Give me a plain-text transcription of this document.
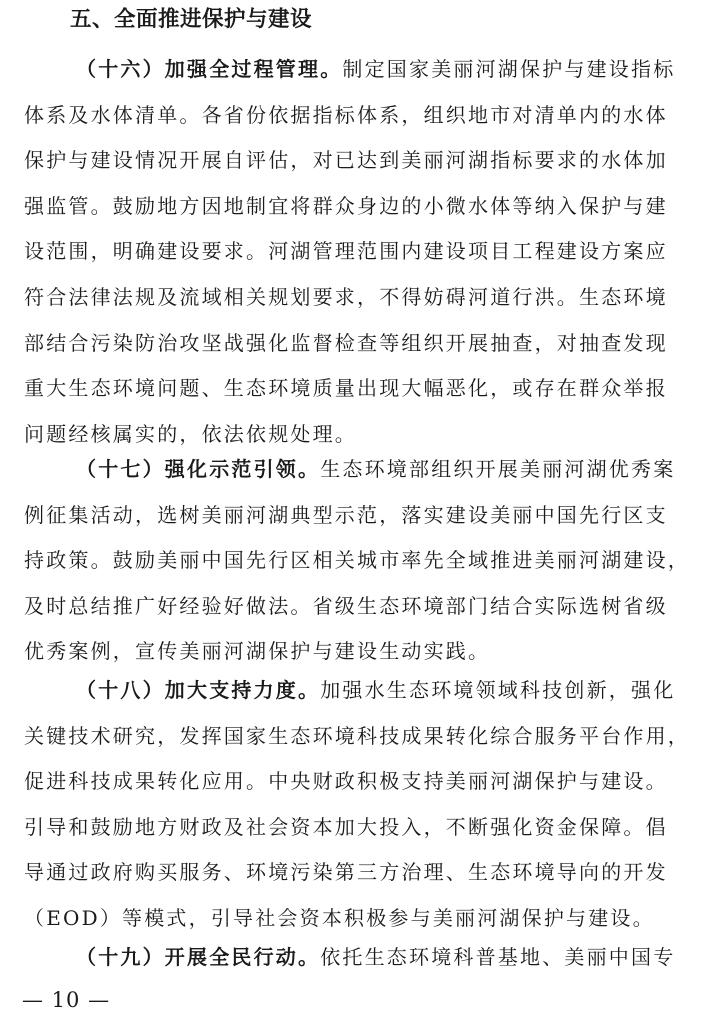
五、全面推进保护与建设
（十六）加强全过程管理。制定国家美丽河湖保护与建设指标
体系及水体清单。各省份依据指标体系，组织地市对清单内的水体
保护与建设情况开展自评估，对已达到美丽河湖指标要求的水体加
强监管。鼓励地方因地制宜将群众身边的小微水体等纳入保护与建
设范围，明确建设要求。河湖管理范围内建设项目工程建设方案应
符合法律法规及流域相关规划要求，不得妨碍河道行洪。生态环境
部结合污染防治攻坚战强化监督检查等组织开展抽查，对抽查发现
重大生态环境问题、生态环境质量出现大幅恶化，或存在群众举报
问题经核属实的，依法依规处理。
（十七）强化示范引领。生态环境部组织开展美丽河湖优秀案
例征集活动，选树美丽河湖典型示范，落实建设美丽中国先行区支
持政策。鼓励美丽中国先行区相关城市率先全域推进美丽河湖建设，
及时总结推广好经验好做法。省级生态环境部门结合实际选树省级
优秀案例，宣传美丽河湖保护与建设生动实践。
（十八）加大支持力度。加强水生态环境领域科技创新，强化
关键技术研究，发挥国家生态环境科技成果转化综合服务平台作用，
促进科技成果转化应用。中央财政积极支持美丽河湖保护与建设。
引导和鼓励地方财政及社会资本加大投入，不断强化资金保障。倡
导通过政府购买服务、环境污染第三方治理、生态环境导向的开发
（EOD）等模式，引导社会资本积极参与美丽河湖保护与建设。
（十九）开展全民行动。依托生态环境科普基地、美丽中国专
— 10 —
